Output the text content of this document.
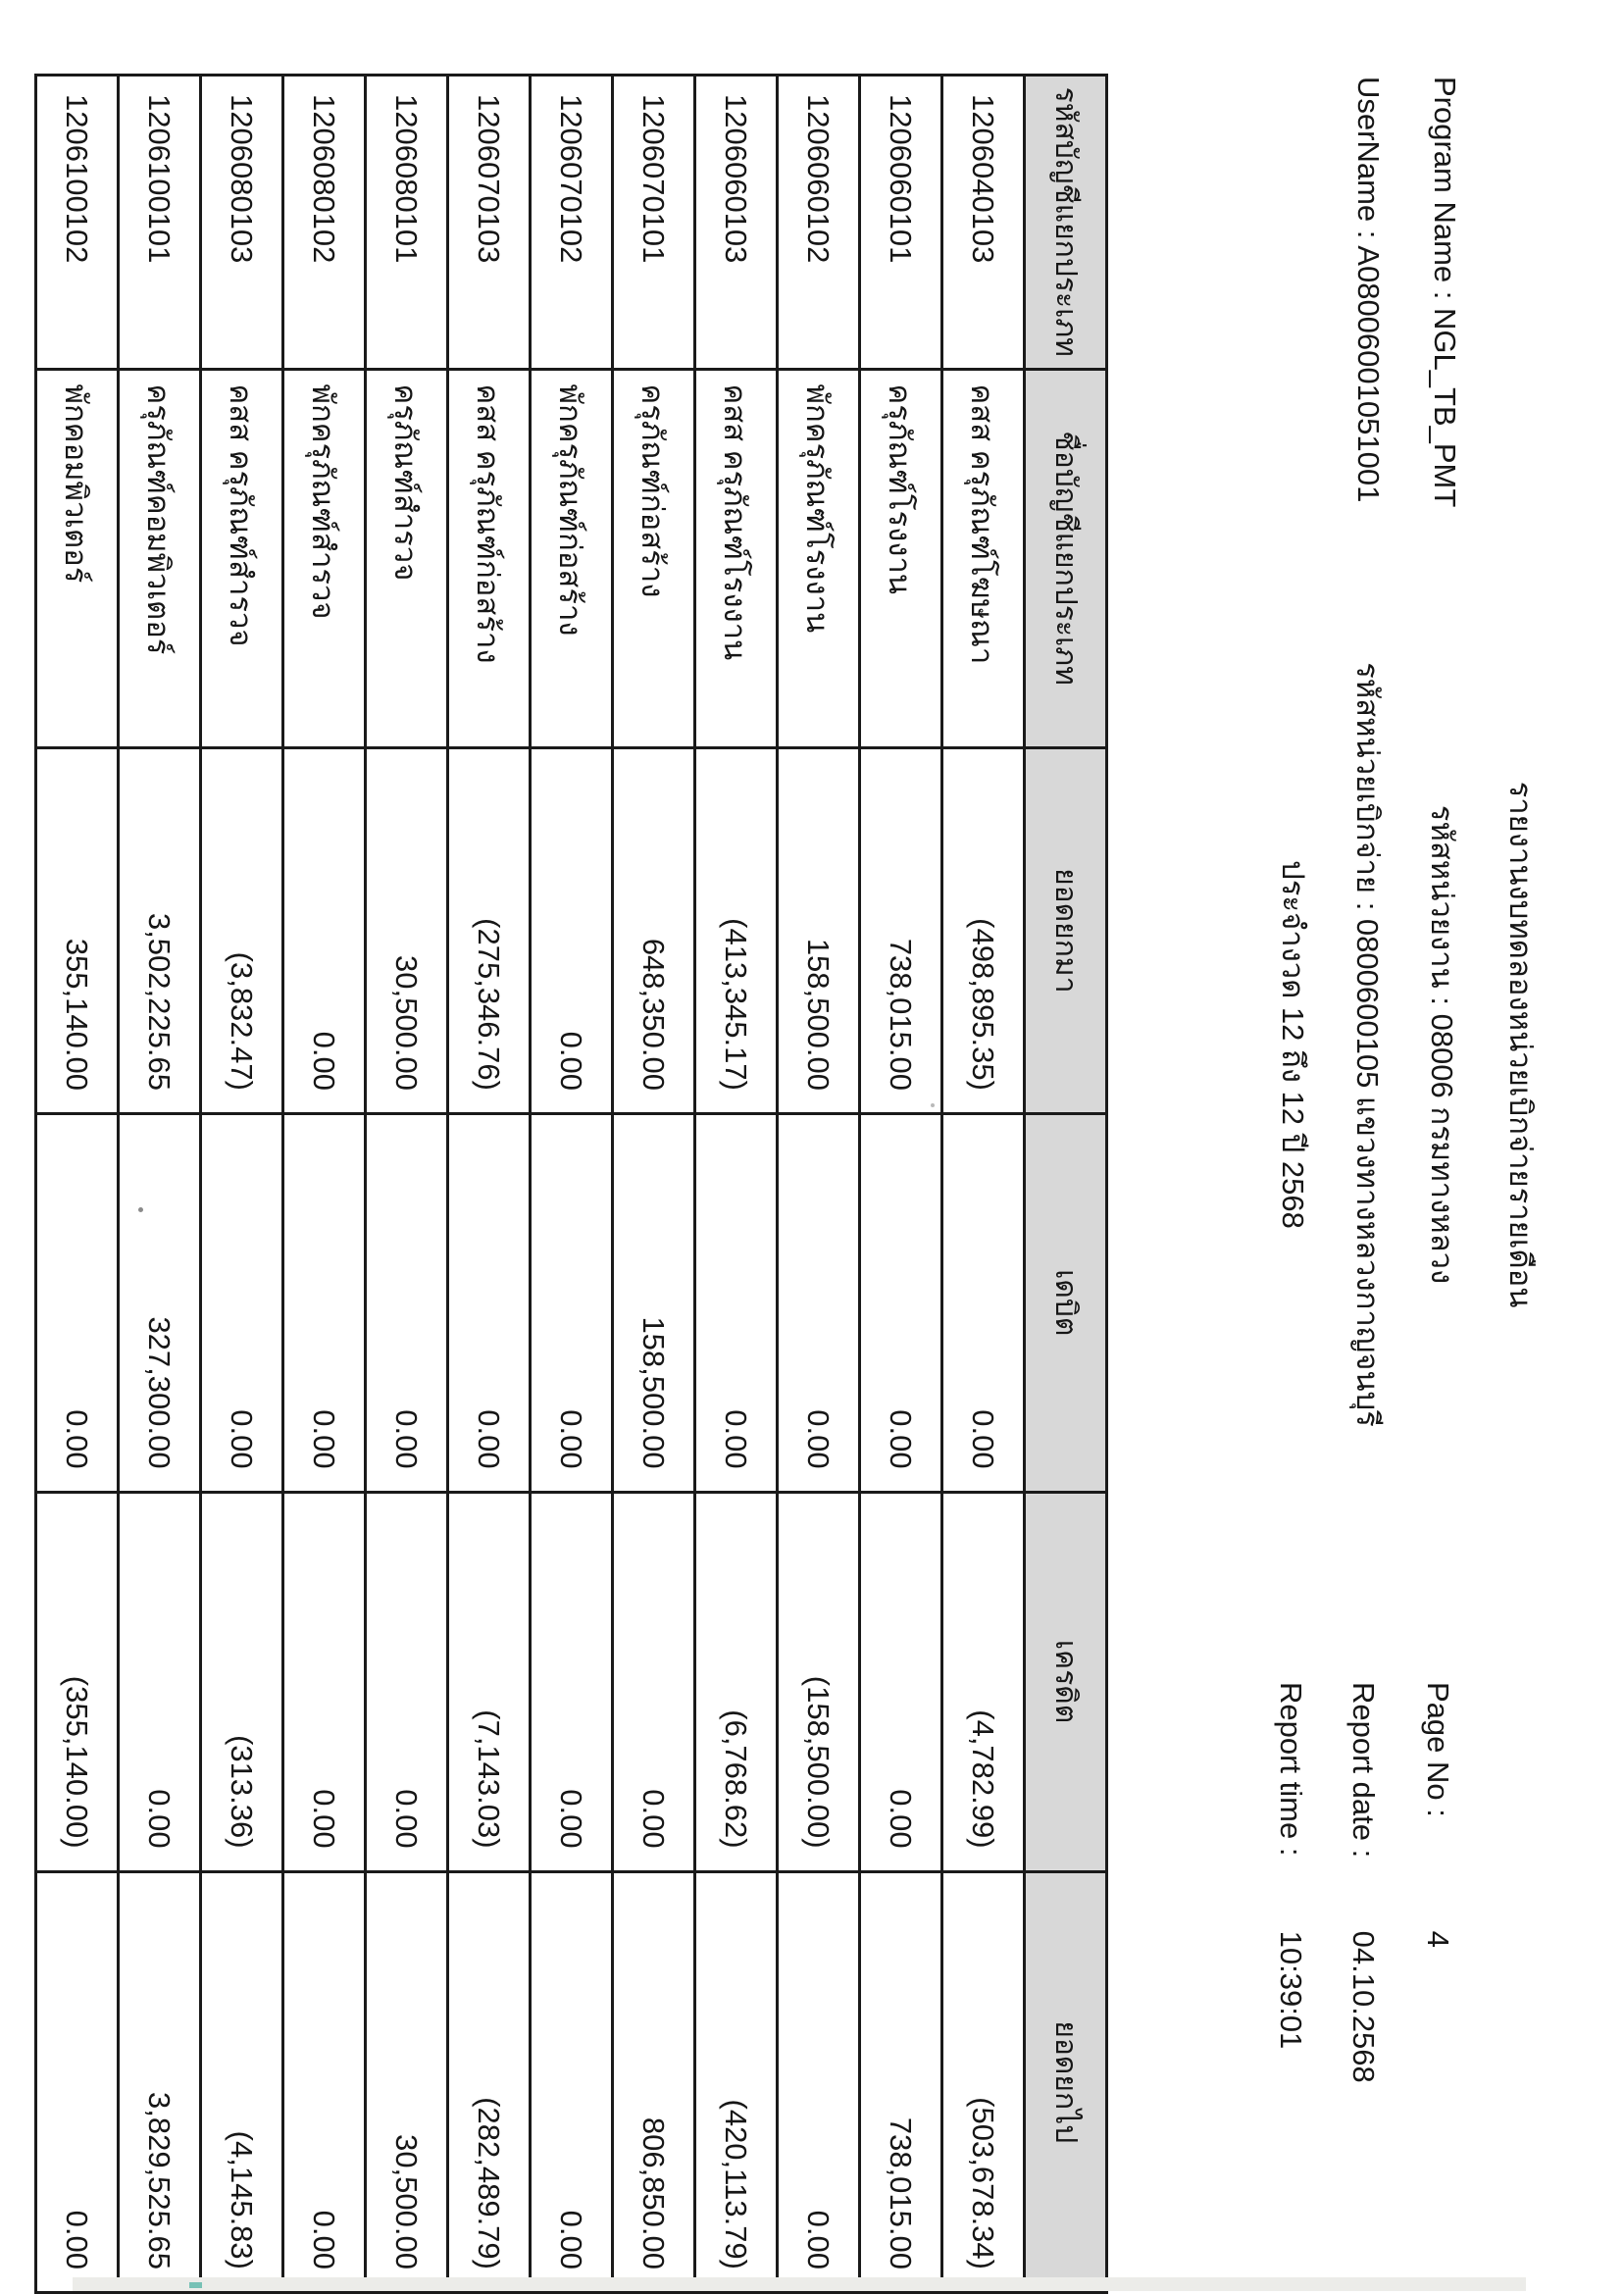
รายงานงบทดลองหน่วยเบิกจ่ายรายเดือน
รหัสหน่วยงาน : 08006 กรมทางหลวง
รหัสหน่วยเบิกจ่าย : 0800600105 แขวงทางหลวงกาญจนบุรี
ประจำงวด 12 ถึง 12 ปี 2568
Program Name : NGL_TB_PMT
UserName : A08006001051001
Page No : 4
Report date : 04.10.2568
Report time : 10:39:01
รหัสบัญชีแยกประเภท	ชื่อบัญชีแยกประเภท	ยอดยกมา	เดบิต	เครดิต	ยอดยกไป
1206040103	คสส ครุภัณฑ์โฆษณา	(498,895.35)	0.00	(4,782.99)	(503,678.34)
1206060101	ครุภัณฑ์โรงงาน	738,015.00	0.00	0.00	738,015.00
1206060102	พักครุภัณฑ์โรงงาน	158,500.00	0.00	(158,500.00)	0.00
1206060103	คสส ครุภัณฑ์โรงงาน	(413,345.17)	0.00	(6,768.62)	(420,113.79)
1206070101	ครุภัณฑ์ก่อสร้าง	648,350.00	158,500.00	0.00	806,850.00
1206070102	พักครุภัณฑ์ก่อสร้าง	0.00	0.00	0.00	0.00
1206070103	คสส ครุภัณฑ์ก่อสร้าง	(275,346.76)	0.00	(7,143.03)	(282,489.79)
1206080101	ครุภัณฑ์สำรวจ	30,500.00	0.00	0.00	30,500.00
1206080102	พักครุภัณฑ์สำรวจ	0.00	0.00	0.00	0.00
1206080103	คสส ครุภัณฑ์สำรวจ	(3,832.47)	0.00	(313.36)	(4,145.83)
1206100101	ครุภัณฑ์คอมพิวเตอร์	3,502,225.65	327,300.00	0.00	3,829,525.65
1206100102	พักคอมพิวเตอร์	355,140.00	0.00	(355,140.00)	0.00
